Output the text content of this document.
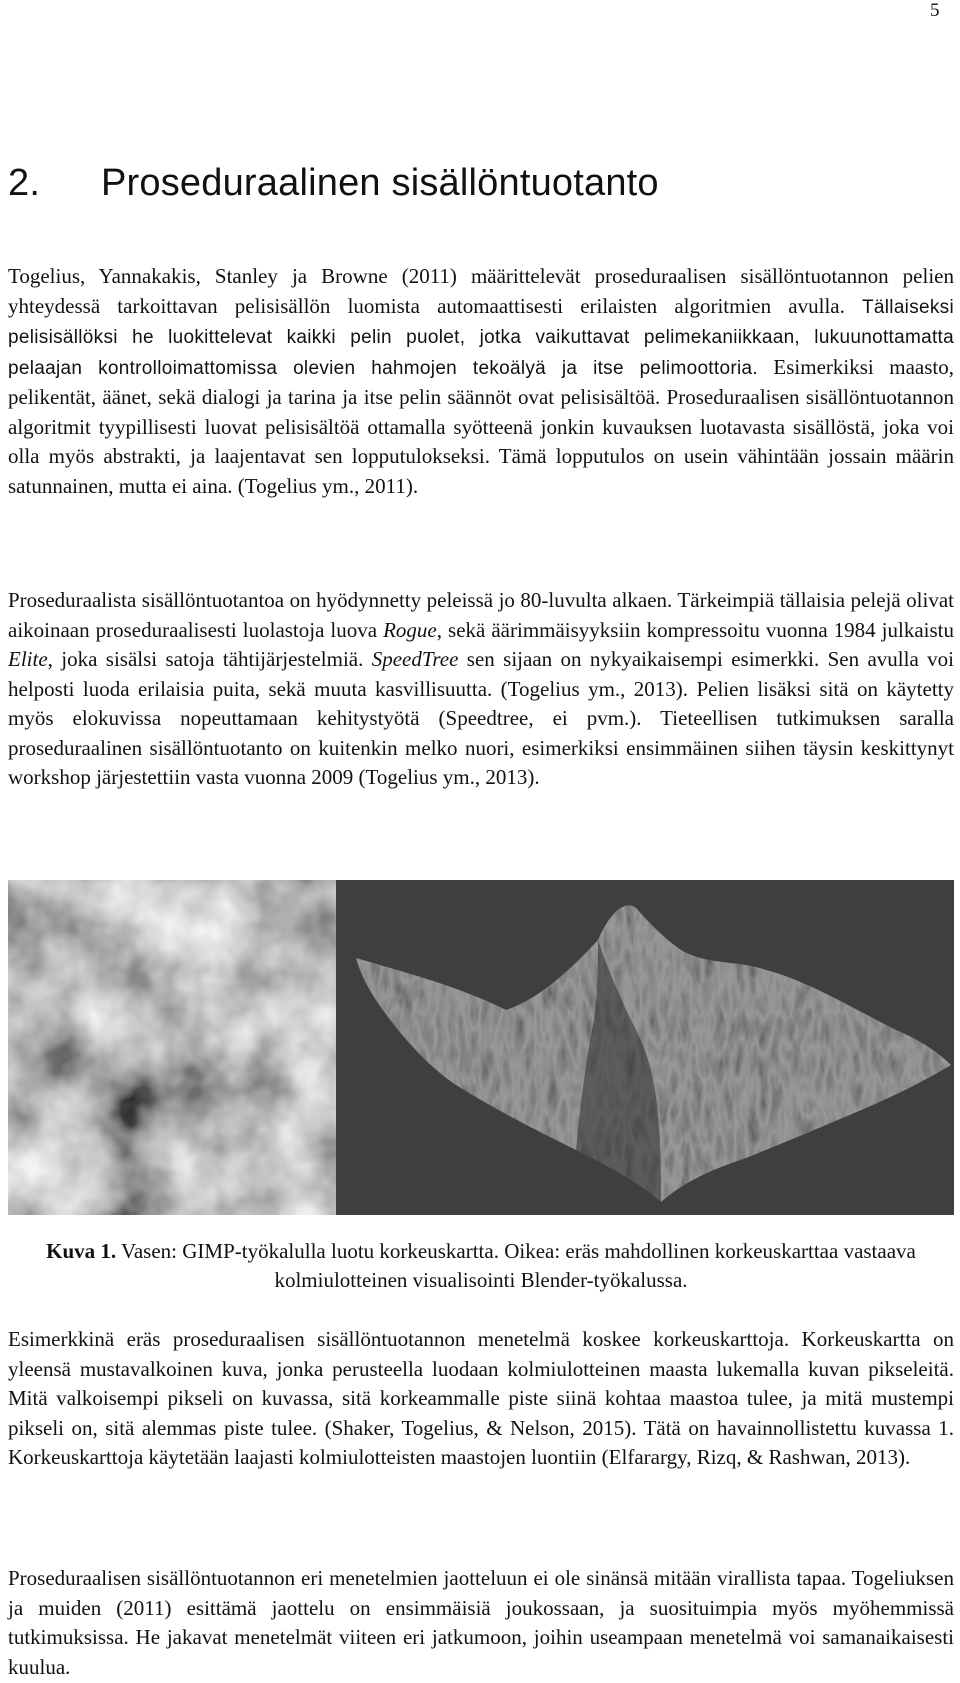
5
2. Proseduraalinen sisällöntuotanto

Togelius, Yannakakis, Stanley ja Browne (2011) määrittelevät proseduraalisen sisällöntuotannon pelien yhteydessä tarkoittavan pelisisällön luomista automaattisesti erilaisten algoritmien avulla. Tällaiseksi pelisisällöksi he luokittelevat kaikki pelin puolet, jotka vaikuttavat pelimekaniikkaan, lukuunottamatta pelaajan kontrolloimattomissa olevien hahmojen tekoälyä ja itse pelimoottoria. Esimerkiksi maasto, pelikentät, äänet, sekä dialogi ja tarina ja itse pelin säännöt ovat pelisisältöä. Proseduraalisen sisällöntuotannon algoritmit tyypillisesti luovat pelisisältöä ottamalla syötteenä jonkin kuvauksen luotavasta sisällöstä, joka voi olla myös abstrakti, ja laajentavat sen lopputulokseksi. Tämä lopputulos on usein vähintään jossain määrin satunnainen, mutta ei aina. (Togelius ym., 2011).

Proseduraalista sisällöntuotantoa on hyödynnetty peleissä jo 80-luvulta alkaen. Tärkeimpiä tällaisia pelejä olivat aikoinaan proseduraalisesti luolastoja luova Rogue, sekä äärimmäisyyksiin kompressoitu vuonna 1984 julkaistu Elite, joka sisälsi satoja tähtijärjestelmiä. SpeedTree sen sijaan on nykyaikaisempi esimerkki. Sen avulla voi helposti luoda erilaisia puita, sekä muuta kasvillisuutta. (Togelius ym., 2013). Pelien lisäksi sitä on käytetty myös elokuvissa nopeuttamaan kehitystyötä (Speedtree, ei pvm.). Tieteellisen tutkimuksen saralla proseduraalinen sisällöntuotanto on kuitenkin melko nuori, esimerkiksi ensimmäinen siihen täysin keskittynyt workshop järjestettiin vasta vuonna 2009 (Togelius ym., 2013).

Kuva 1. Vasen: GIMP-työkalulla luotu korkeuskartta. Oikea: eräs mahdollinen korkeuskarttaa vastaava kolmiulotteinen visualisointi Blender-työkalussa.

Esimerkkinä eräs proseduraalisen sisällöntuotannon menetelmä koskee korkeuskarttoja. Korkeuskartta on yleensä mustavalkoinen kuva, jonka perusteella luodaan kolmiulotteinen maasta lukemalla kuvan pikseleitä. Mitä valkoisempi pikseli on kuvassa, sitä korkeammalle piste siinä kohtaa maastoa tulee, ja mitä mustempi pikseli on, sitä alemmas piste tulee. (Shaker, Togelius, & Nelson, 2015). Tätä on havainnollistettu kuvassa 1. Korkeuskarttoja käytetään laajasti kolmiulotteisten maastojen luontiin (Elfarargy, Rizq, & Rashwan, 2013).

Proseduraalisen sisällöntuotannon eri menetelmien jaotteluun ei ole sinänsä mitään virallista tapaa. Togeliuksen ja muiden (2011) esittämä jaottelu on ensimmäisiä joukossaan, ja suosituimpia myös myöhemmissä tutkimuksissa. He jakavat menetelmät viiteen eri jatkumoon, joihin useampaan menetelmä voi samanaikaisesti kuulua.
